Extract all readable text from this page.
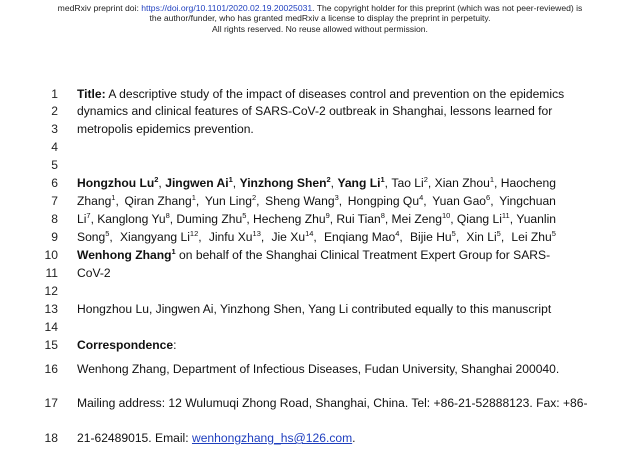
medRxiv preprint doi: https://doi.org/10.1101/2020.02.19.20025031. The copyright holder for this preprint (which was not peer-reviewed) is
the author/funder, who has granted medRxiv a license to display the preprint in perpetuity.
All rights reserved. No reuse allowed without permission.
1
2
3
4
5
6
7
8
9
10
11
12
13
14
15
16
17
18
Title: A descriptive study of the impact of diseases control and prevention on the epidemics
dynamics and clinical features of SARS-CoV-2 outbreak in Shanghai, lessons learned for
metropolis epidemics prevention.
Hongzhou Lu$^2$, Jingwen Ai$^1$, Yinzhong Shen$^2$, Yang Li$^1$, Tao Li$^2$, Xian Zhou$^1$, Haocheng
Zhang$^1$, Qiran Zhang$^1$, Yun Ling$^2$, Sheng Wang$^3$, Hongping Qu$^4$, Yuan Gao$^6$, Yingchuan
Li$^7$, Kanglong Yu$^8$, Duming Zhu$^5$, Hecheng Zhu$^9$, Rui Tian$^8$, Mei Zeng$^{10}$, Qiang Li$^{11}$, Yuanlin
Song$^5$, Xiangyang Li$^{12}$, Jinfu Xu$^{13}$, Jie Xu$^{14}$, Enqiang Mao$^4$, Bijie Hu$^5$, Xin Li$^5$, Lei Zhu$^5$
Wenhong Zhang$^1$ on behalf of the Shanghai Clinical Treatment Expert Group for SARS-
CoV-2
Hongzhou Lu, Jingwen Ai, Yinzhong Shen, Yang Li contributed equally to this manuscript
Correspondence:
Wenhong Zhang, Department of Infectious Diseases, Fudan University, Shanghai 200040.
Mailing address: 12 Wulumuqi Zhong Road, Shanghai, China. Tel: +86-21-52888123. Fax: +86-
21-62489015. Email: wenhongzhang_hs@126.com.
